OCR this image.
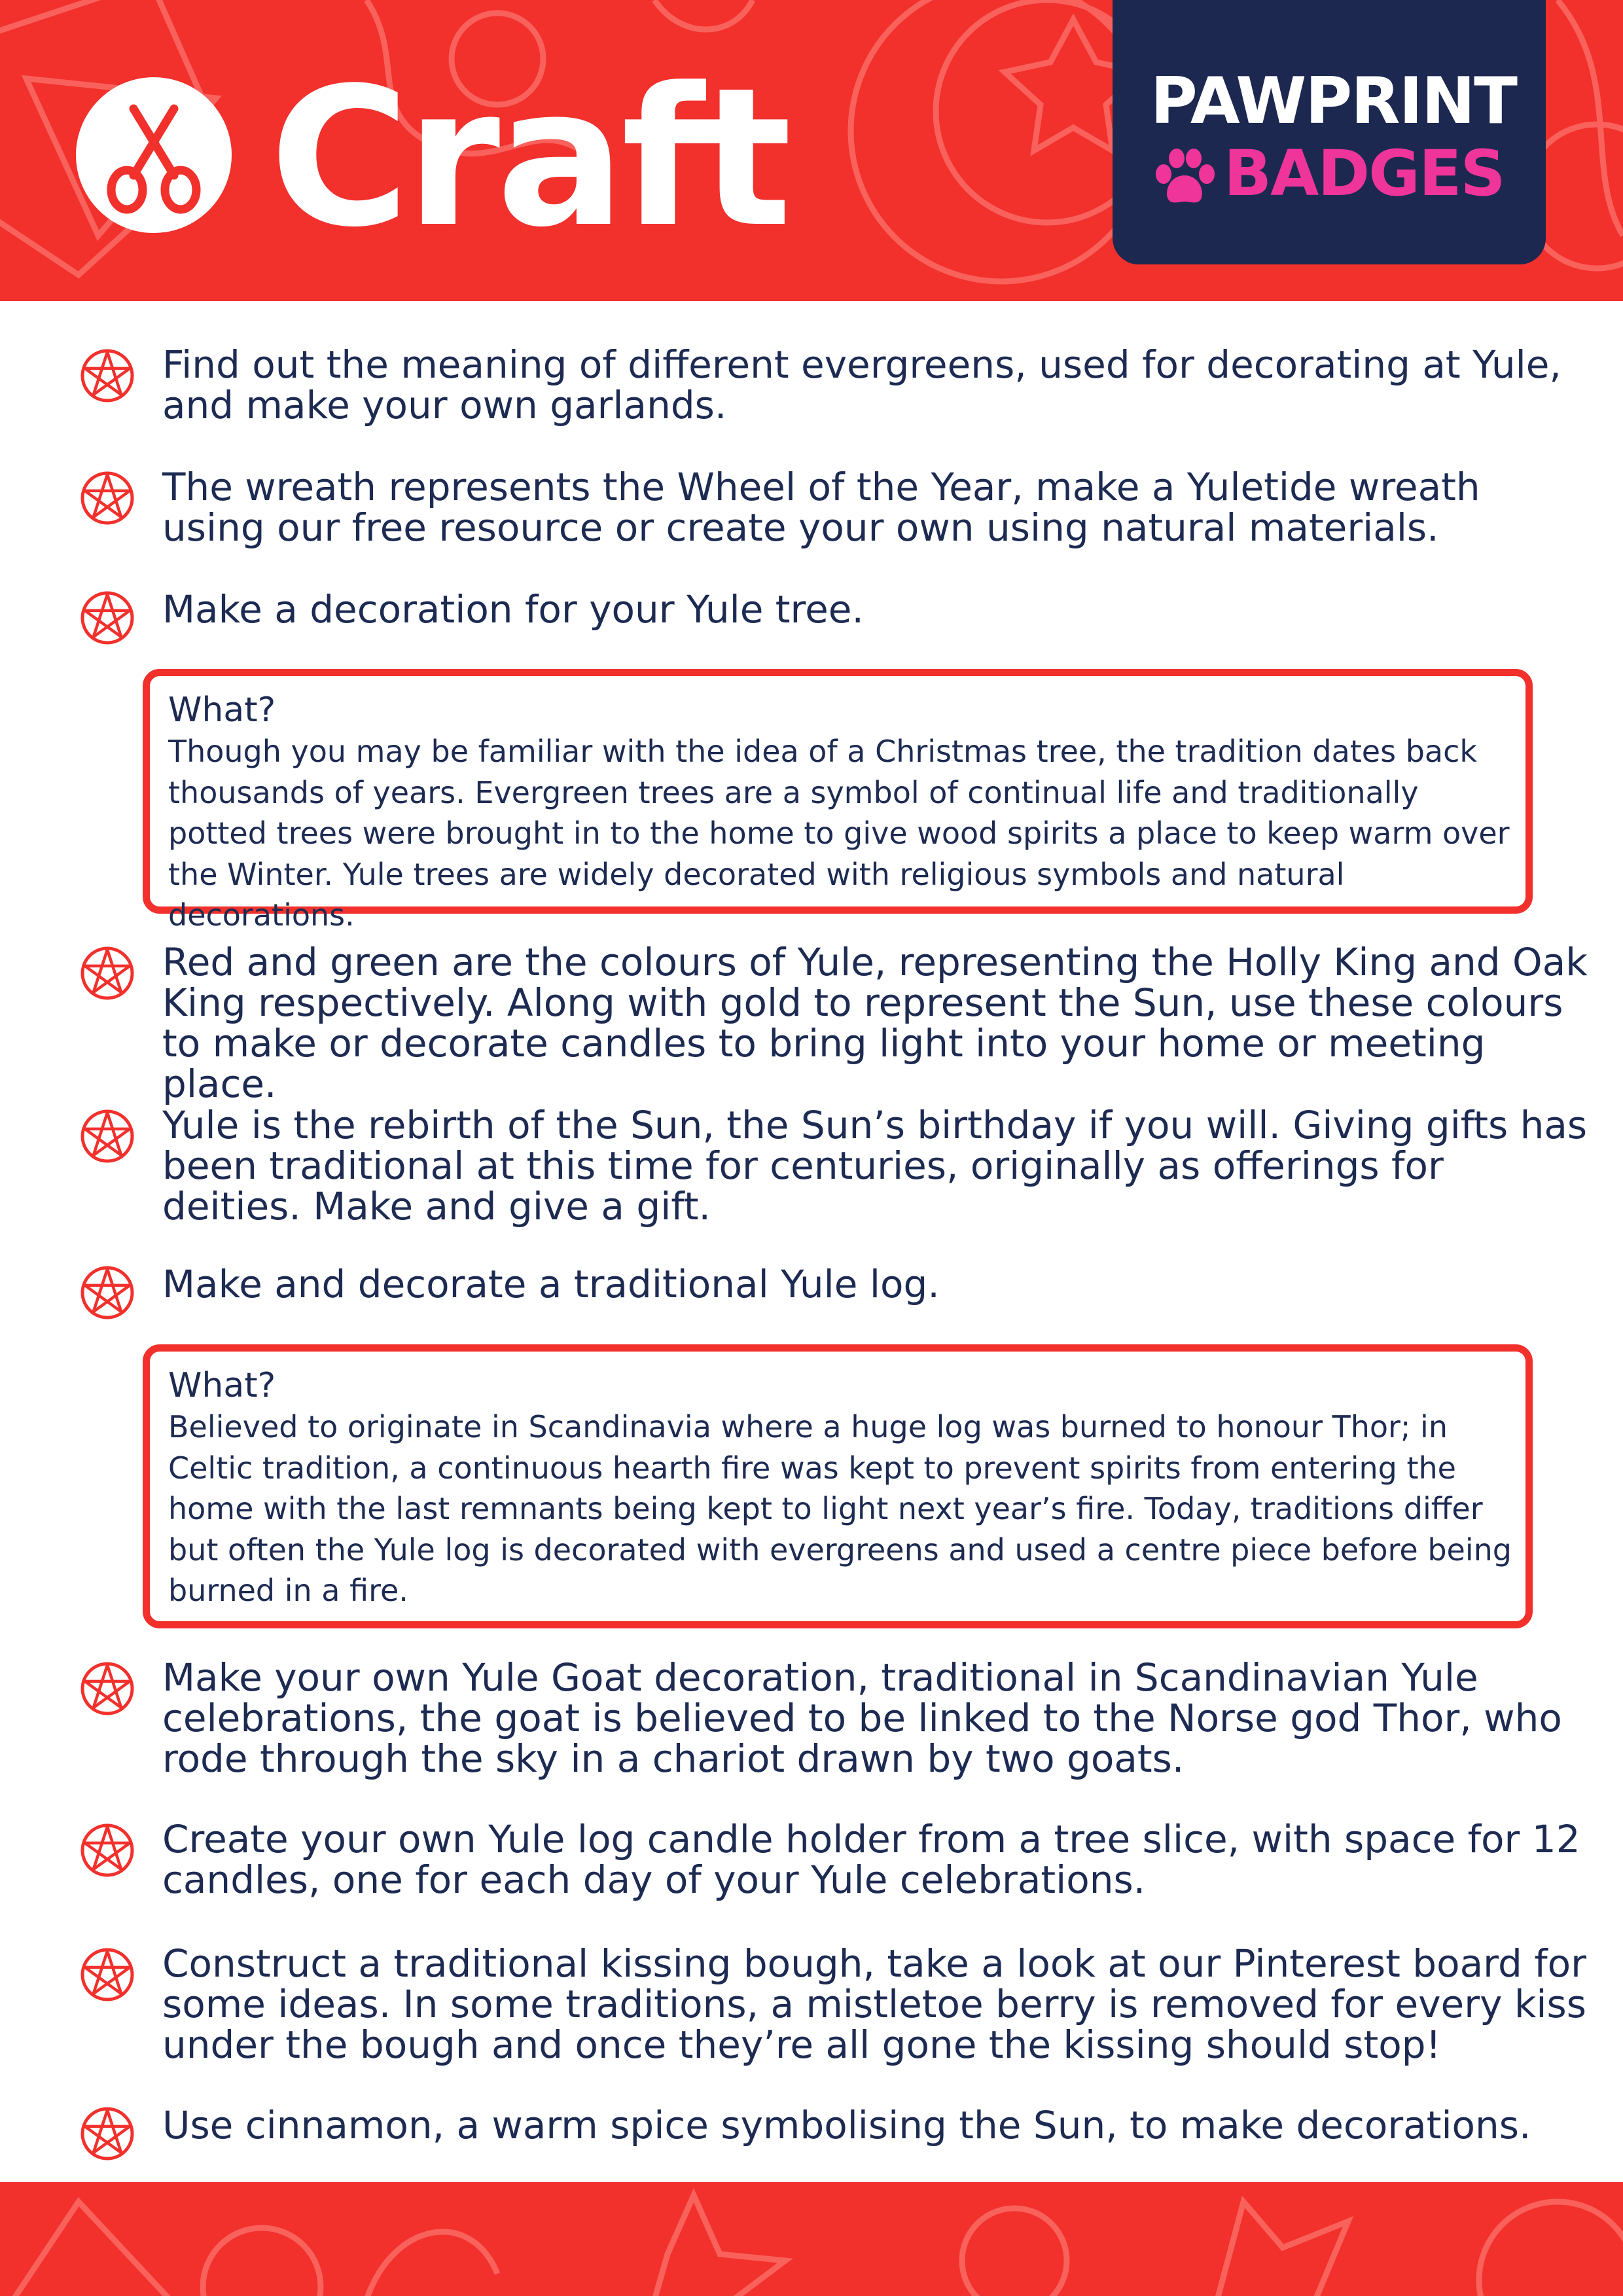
Craft	PAWPRINT
BADGES

Find out the meaning of different evergreens, used for decorating at Yule, and make your own garlands.

The wreath represents the Wheel of the Year, make a Yuletide wreath using our free resource or create your own using natural materials.

Make a decoration for your Yule tree.

What?

Though you may be familiar with the idea of a Christmas tree, the tradition dates back thousands of years. Evergreen trees are a symbol of continual life and traditionally potted trees were brought in to the home to give wood spirits a place to keep warm over the Winter. Yule trees are widely decorated with religious symbols and natural decorations.

Red and green are the colours of Yule, representing the Holly King and Oak King respectively. Along with gold to represent the Sun, use these colours to make or decorate candles to bring light into your home or meeting place.

Yule is the rebirth of the Sun, the Sun’s birthday if you will. Giving gifts has been traditional at this time for centuries, originally as offerings for deities. Make and give a gift.

Make and decorate a traditional Yule log.

What?

Believed to originate in Scandinavia where a huge log was burned to honour Thor; in Celtic tradition, a continuous hearth fire was kept to prevent spirits from entering the home with the last remnants being kept to light next year’s fire. Today, traditions differ but often the Yule log is decorated with evergreens and used a centre piece before being burned in a fire.

Make your own Yule Goat decoration, traditional in Scandinavian Yule celebrations, the goat is believed to be linked to the Norse god Thor, who rode through the sky in a chariot drawn by two goats.

Create your own Yule log candle holder from a tree slice, with space for 12 candles, one for each day of your Yule celebrations.

Construct a traditional kissing bough, take a look at our Pinterest board for some ideas. In some traditions, a mistletoe berry is removed for every kiss under the bough and once they’re all gone the kissing should stop!

Use cinnamon, a warm spice symbolising the Sun, to make decorations.
